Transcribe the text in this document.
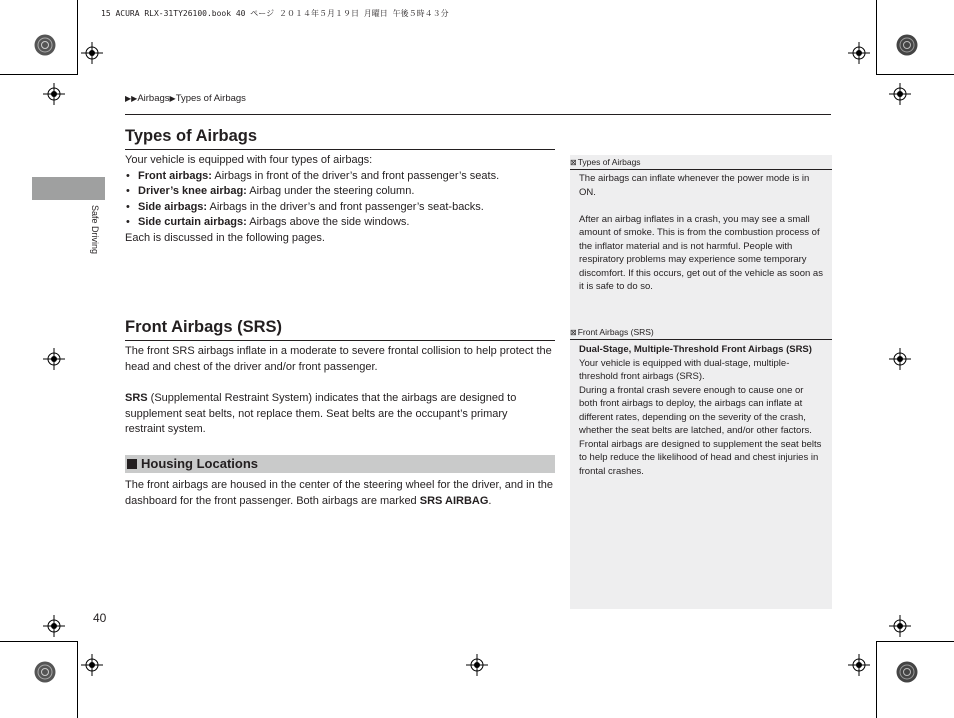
15 ACURA RLX-31TY26100.book 40 ページ ２０１４年５月１９日 月曜日 午後５時４３分
▶▶Airbags▶Types of Airbags
Safe Driving
Types of Airbags

Your vehicle is equipped with four types of airbags:

• Front airbags: Airbags in front of the driver’s and front passenger’s seats.
• Driver’s knee airbag: Airbag under the steering column.
• Side airbags: Airbags in the driver’s and front passenger’s seat-backs.
• Side curtain airbags: Airbags above the side windows.

Each is discussed in the following pages.

Front Airbags (SRS)
The front SRS airbags inflate in a moderate to severe frontal collision to help protect the head and chest of the driver and/or front passenger.
SRS (Supplemental Restraint System) indicates that the airbags are designed to supplement seat belts, not replace them. Seat belts are the occupant’s primary restraint system.
Housing Locations
The front airbags are housed in the center of the steering wheel for the driver, and in the dashboard for the front passenger. Both airbags are marked SRS AIRBAG.
⊠Types of Airbags

The airbags can inflate whenever the power mode is in ON.

After an airbag inflates in a crash, you may see a small amount of smoke. This is from the combustion process of the inflator material and is not harmful. People with respiratory problems may experience some temporary discomfort. If this occurs, get out of the vehicle as soon as it is safe to do so.

⊠Front Airbags (SRS)

Dual-Stage, Multiple-Threshold Front Airbags (SRS)

Your vehicle is equipped with dual-stage, multiple-threshold front airbags (SRS).

During a frontal crash severe enough to cause one or both front airbags to deploy, the airbags can inflate at different rates, depending on the severity of the crash, whether the seat belts are latched, and/or other factors. Frontal airbags are designed to supplement the seat belts to help reduce the likelihood of head and chest injuries in frontal crashes.

40
